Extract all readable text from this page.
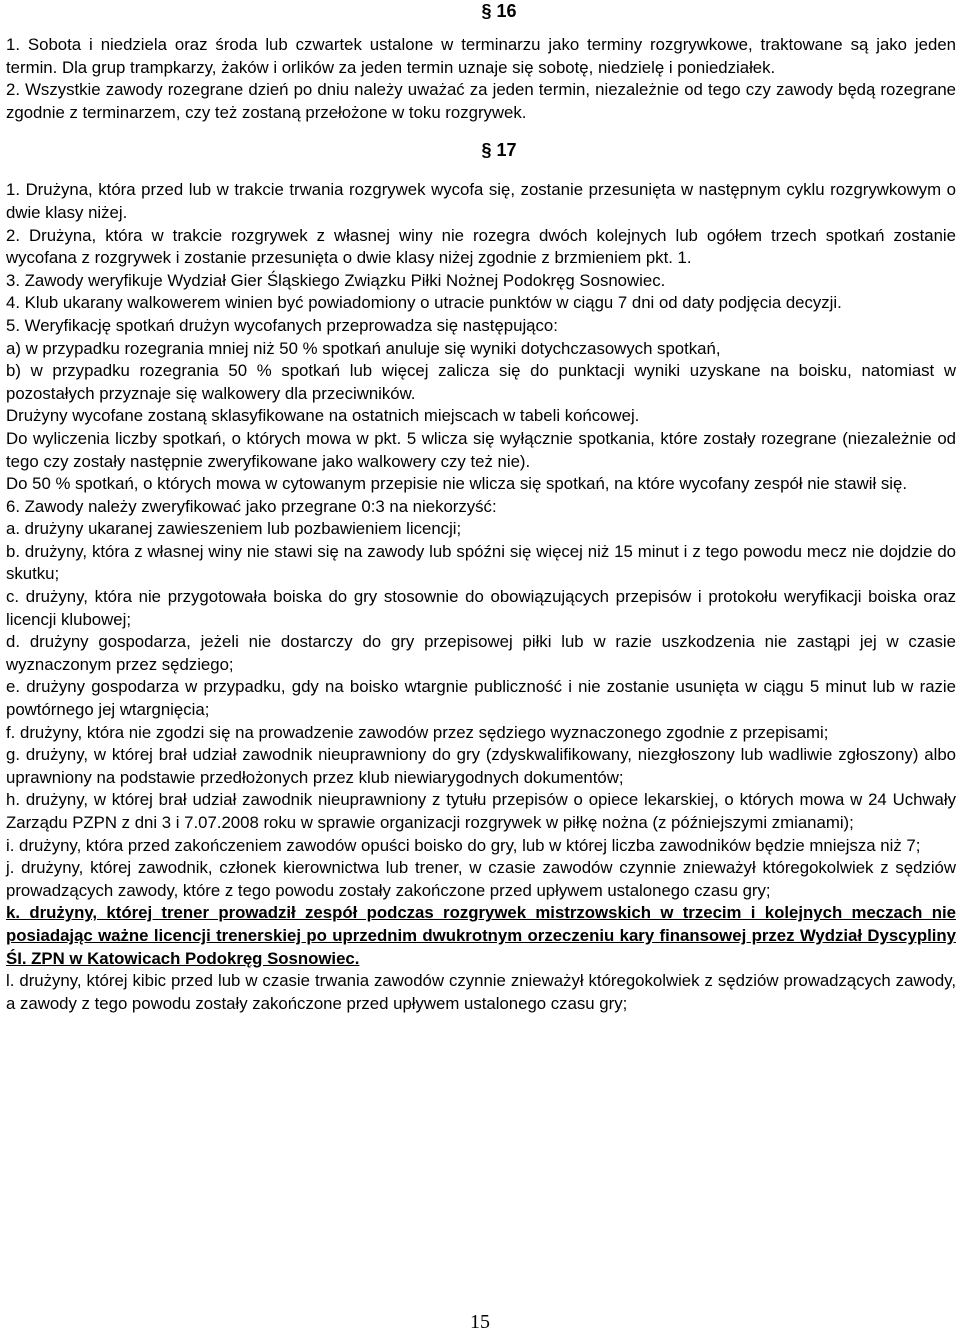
§ 16

1. Sobota i niedziela oraz środa lub czwartek ustalone w terminarzu jako terminy rozgrywkowe, traktowane są jako jeden termin. Dla grup trampkarzy, żaków i orlików za jeden termin uznaje się sobotę, niedzielę i poniedziałek.

2. Wszystkie zawody rozegrane dzień po dniu należy uważać za jeden termin, niezależnie od tego czy zawody będą rozegrane zgodnie z terminarzem, czy też zostaną przełożone w toku rozgrywek.

§ 17

1. Drużyna, która przed lub w trakcie trwania rozgrywek wycofa się, zostanie przesunięta w następnym cyklu rozgrywkowym o dwie klasy niżej.

2. Drużyna, która w trakcie rozgrywek z własnej winy nie rozegra dwóch kolejnych lub ogółem trzech spotkań zostanie wycofana z rozgrywek i zostanie przesunięta o dwie klasy niżej zgodnie z brzmieniem pkt. 1.

3. Zawody weryfikuje Wydział Gier Śląskiego Związku Piłki Nożnej Podokręg Sosnowiec.

4. Klub ukarany walkowerem winien być powiadomiony o utracie punktów w ciągu 7 dni od daty podjęcia decyzji.

5. Weryfikację spotkań drużyn wycofanych przeprowadza się następująco:

a) w przypadku rozegrania mniej niż 50 % spotkań anuluje się wyniki dotychczasowych spotkań,

b) w przypadku rozegrania 50 % spotkań lub więcej zalicza się do punktacji wyniki uzyskane na boisku, natomiast w pozostałych przyznaje się walkowery dla przeciwników.

Drużyny wycofane zostaną sklasyfikowane na ostatnich miejscach w tabeli końcowej.

Do wyliczenia liczby spotkań, o których mowa w pkt. 5 wlicza się wyłącznie spotkania, które zostały rozegrane (niezależnie od tego czy zostały następnie zweryfikowane jako walkowery czy też nie).

Do 50 % spotkań, o których mowa w cytowanym przepisie nie wlicza się spotkań, na które wycofany zespół nie stawił się.

6. Zawody należy zweryfikować jako przegrane 0:3 na niekorzyść:

a. drużyny ukaranej zawieszeniem lub pozbawieniem licencji;

b. drużyny, która z własnej winy nie stawi się na zawody lub spóźni się więcej niż 15 minut i z tego powodu mecz nie dojdzie do skutku;

c. drużyny, która nie przygotowała boiska do gry stosownie do obowiązujących przepisów i protokołu weryfikacji boiska oraz licencji klubowej;

d. drużyny gospodarza, jeżeli nie dostarczy do gry przepisowej piłki lub w razie uszkodzenia nie zastąpi jej w czasie wyznaczonym przez sędziego;

e. drużyny gospodarza w przypadku, gdy na boisko wtargnie publiczność i nie zostanie usunięta w ciągu 5 minut lub w razie powtórnego jej wtargnięcia;

f. drużyny, która nie zgodzi się na prowadzenie zawodów przez sędziego wyznaczonego zgodnie z przepisami;

g. drużyny, w której brał udział zawodnik nieuprawniony do gry (zdyskwalifikowany, niezgłoszony lub wadliwie zgłoszony) albo uprawniony na podstawie przedłożonych przez klub niewiarygodnych dokumentów;

h. drużyny, w której brał udział zawodnik nieuprawniony z tytułu przepisów o opiece lekarskiej, o których mowa w 24 Uchwały Zarządu PZPN z dni 3 i 7.07.2008 roku w sprawie organizacji rozgrywek w piłkę nożna (z późniejszymi zmianami);

i. drużyny, która przed zakończeniem zawodów opuści boisko do gry, lub w której liczba zawodników będzie mniejsza niż 7;

j. drużyny, której zawodnik, członek kierownictwa lub trener, w czasie zawodów czynnie znieważył któregokolwiek z sędziów prowadzących zawody, które z tego powodu zostały zakończone przed upływem ustalonego czasu gry;

k. drużyny, której trener prowadził zespół podczas rozgrywek mistrzowskich w trzecim i kolejnych meczach nie posiadając ważne licencji trenerskiej po uprzednim dwukrotnym orzeczeniu kary finansowej przez Wydział Dyscypliny ŚI. ZPN w Katowicach Podokręg Sosnowiec.

l. drużyny, której kibic przed lub w czasie trwania zawodów czynnie znieważył któregokolwiek z sędziów prowadzących zawody, a zawody z tego powodu zostały zakończone przed upływem ustalonego czasu gry;

15
